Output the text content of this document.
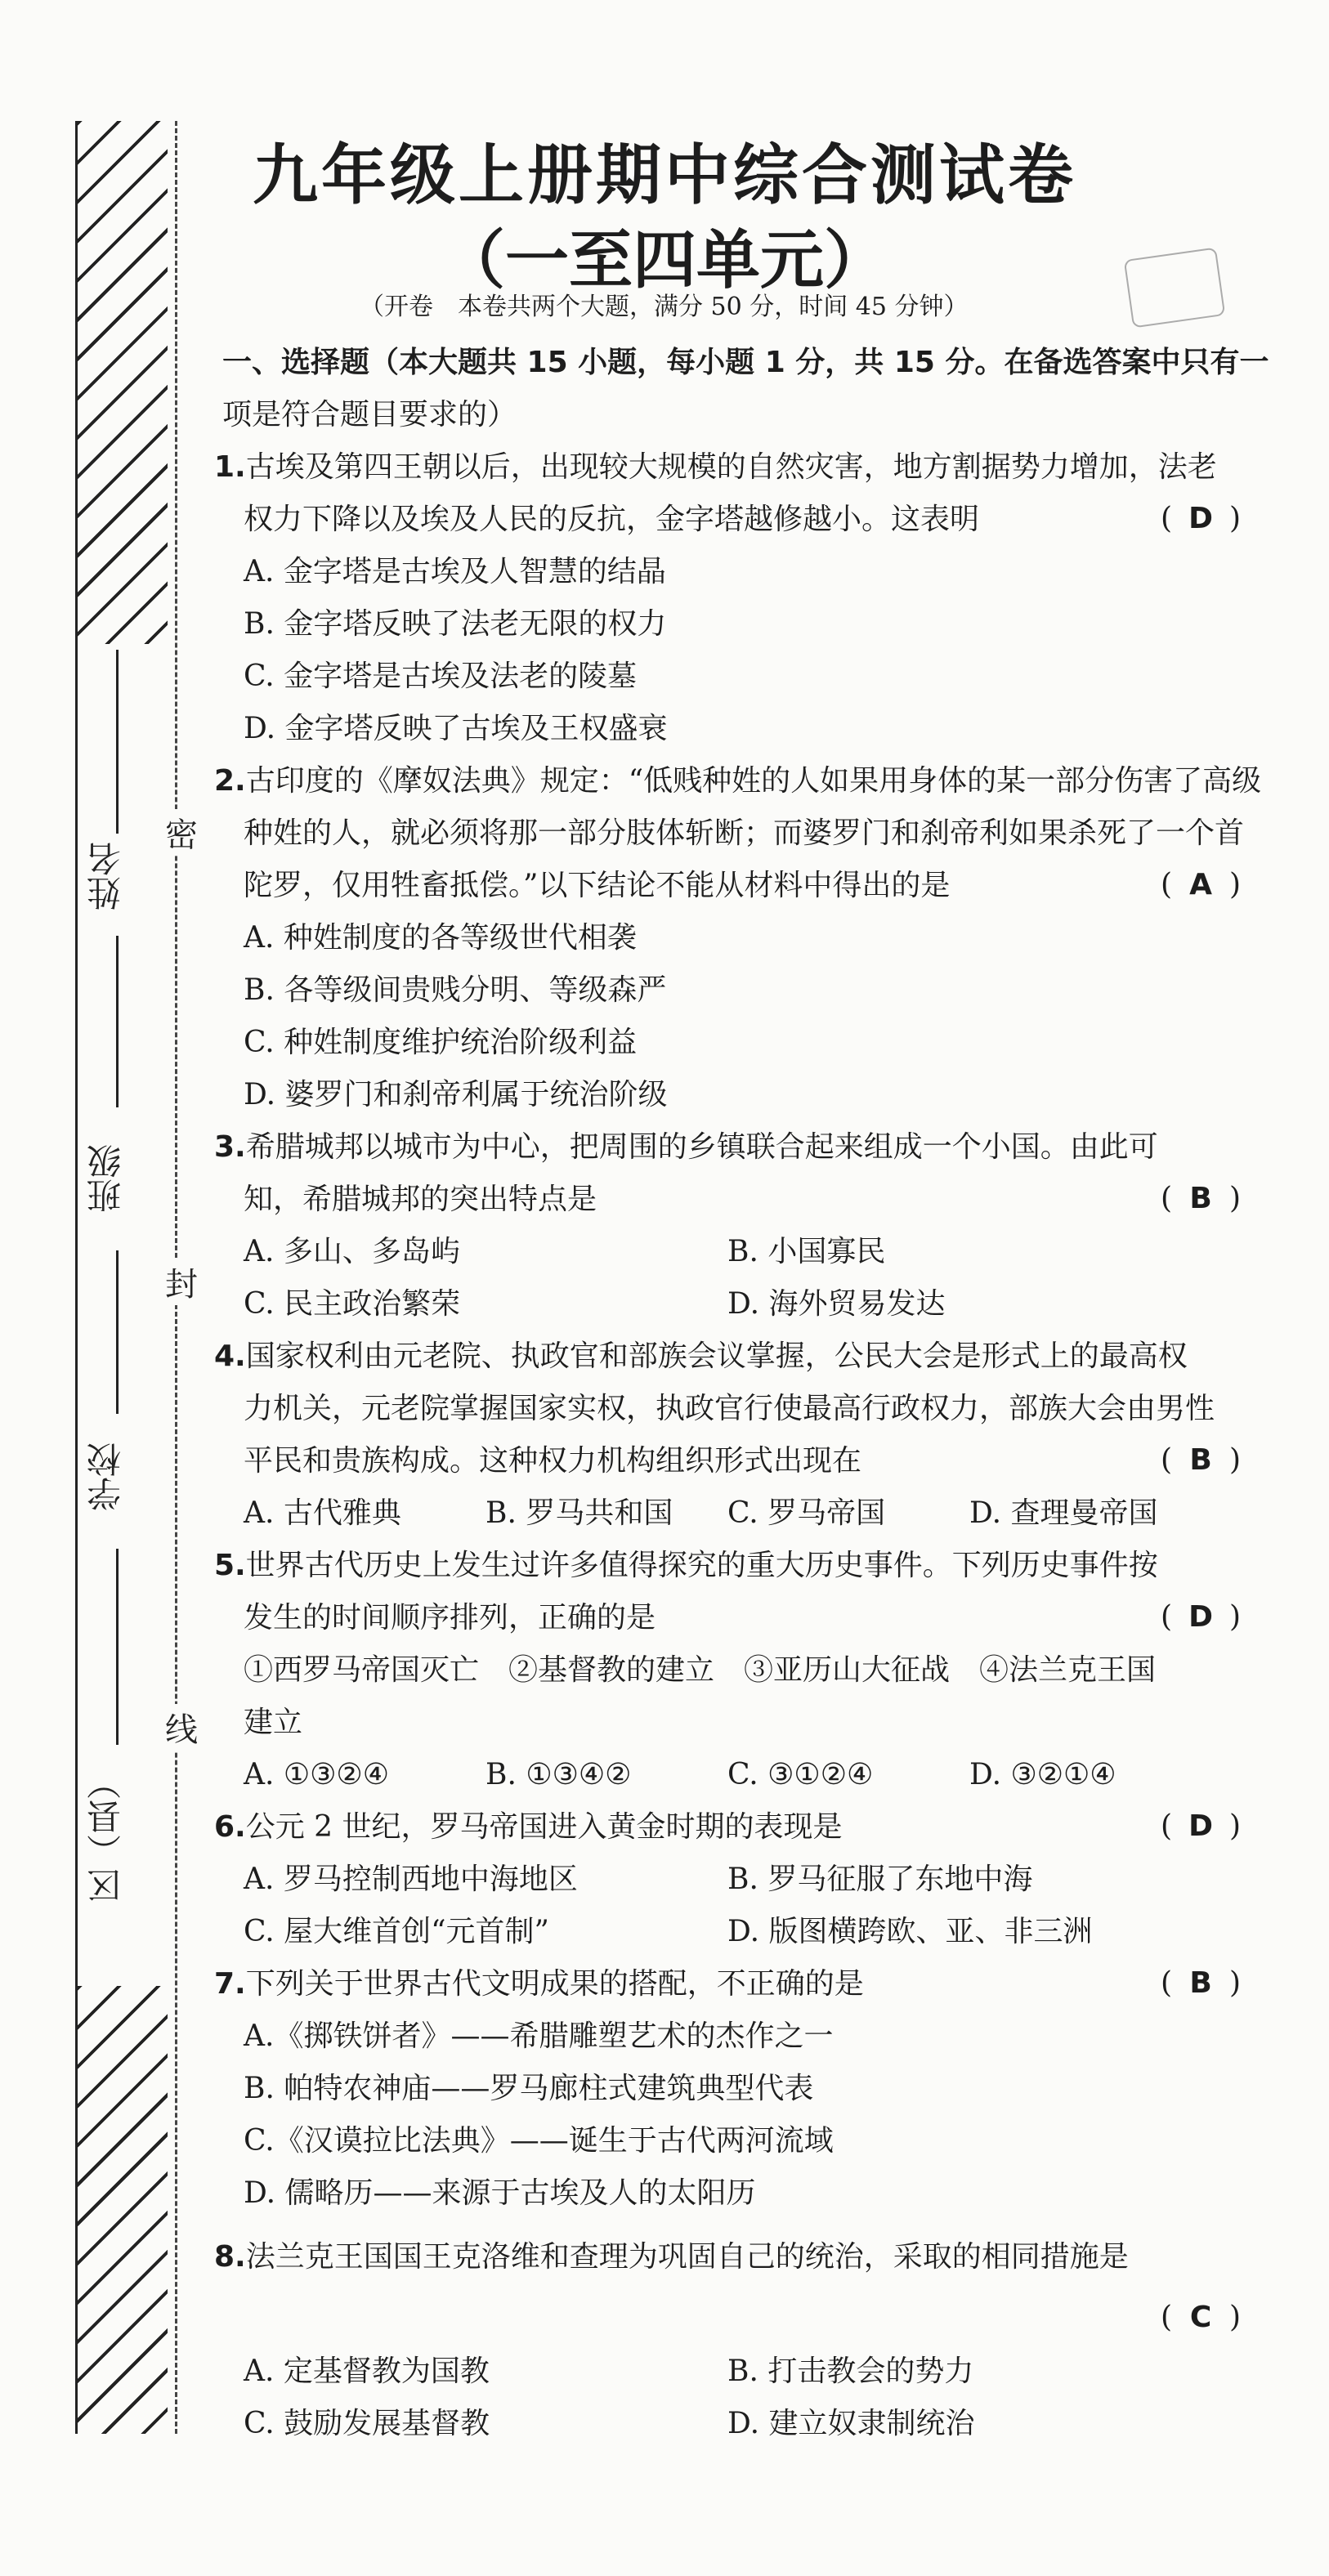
姓名
班级
学校
区（县）
密
封
线
九年级上册期中综合测试卷
（一至四单元）
（开卷　本卷共两个大题，满分 50 分，时间 45 分钟）
一、选择题（本大题共 15 小题，每小题 1 分，共 15 分。在备选答案中只有一
项是符合题目要求的）
1.古埃及第四王朝以后，出现较大规模的自然灾害，地方割据势力增加，法老
权力下降以及埃及人民的反抗，金字塔越修越小。这表明	( D )
A. 金字塔是古埃及人智慧的结晶
B. 金字塔反映了法老无限的权力
C. 金字塔是古埃及法老的陵墓
D. 金字塔反映了古埃及王权盛衰
2.古印度的《摩奴法典》规定：“低贱种姓的人如果用身体的某一部分伤害了高级
种姓的人，就必须将那一部分肢体斩断；而婆罗门和刹帝利如果杀死了一个首
陀罗，仅用牲畜抵偿。”以下结论不能从材料中得出的是	( A )
A. 种姓制度的各等级世代相袭
B. 各等级间贵贱分明、等级森严
C. 种姓制度维护统治阶级利益
D. 婆罗门和刹帝利属于统治阶级
3.希腊城邦以城市为中心，把周围的乡镇联合起来组成一个小国。由此可
知，希腊城邦的突出特点是	( B )
A. 多山、多岛屿	B. 小国寡民
C. 民主政治繁荣	D. 海外贸易发达
4.国家权利由元老院、执政官和部族会议掌握，公民大会是形式上的最高权
力机关，元老院掌握国家实权，执政官行使最高行政权力，部族大会由男性
平民和贵族构成。这种权力机构组织形式出现在	( B )
A. 古代雅典	B. 罗马共和国 C. 罗马帝国	D. 查理曼帝国
5.世界古代历史上发生过许多值得探究的重大历史事件。下列历史事件按
发生的时间顺序排列，正确的是	( D )
①西罗马帝国灭亡　②基督教的建立　③亚历山大征战　④法兰克王国
建立
A. ①③②④	B. ①③④②	C. ③①②④	D. ③②①④
6.公元 2 世纪，罗马帝国进入黄金时期的表现是	( D )
A. 罗马控制西地中海地区	B. 罗马征服了东地中海
C. 屋大维首创“元首制”	D. 版图横跨欧、亚、非三洲
7.下列关于世界古代文明成果的搭配，不正确的是	( B )
A.《掷铁饼者》——希腊雕塑艺术的杰作之一
B. 帕特农神庙——罗马廊柱式建筑典型代表
C.《汉谟拉比法典》——诞生于古代两河流域
D. 儒略历——来源于古埃及人的太阳历
8.法兰克王国国王克洛维和查理为巩固自己的统治，采取的相同措施是
( C )
A. 定基督教为国教	B. 打击教会的势力
C. 鼓励发展基督教	D. 建立奴隶制统治
